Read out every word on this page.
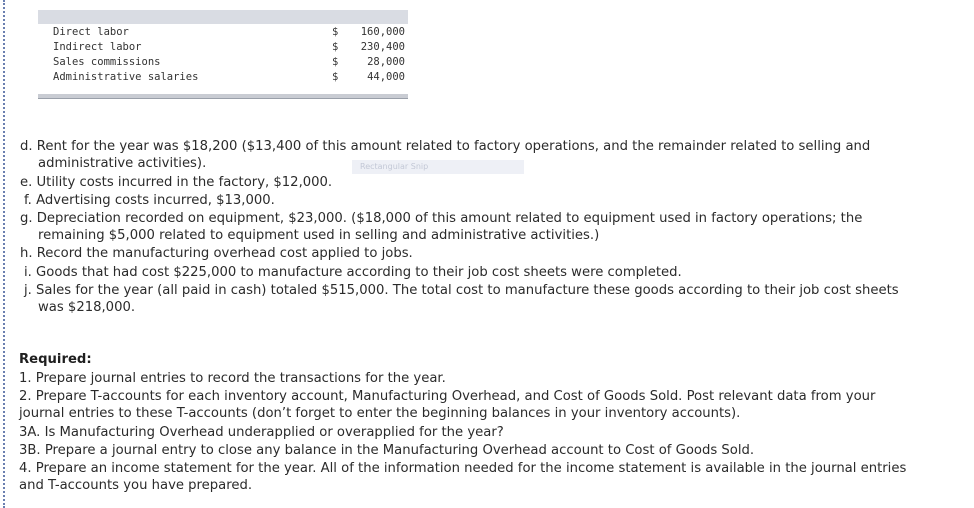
Direct labor	$ 160,000
Indirect labor	$ 230,400
Sales commissions	$	28,000
Administrative salaries	$	44,000
Rectangular Snip
d. Rent for the year was $18,200 ($13,400 of this amount related to factory operations, and the remainder related to selling and
administrative activities).
e. Utility costs incurred in the factory, $12,000.
f. Advertising costs incurred, $13,000.
g. Depreciation recorded on equipment, $23,000. ($18,000 of this amount related to equipment used in factory operations; the
remaining $5,000 related to equipment used in selling and administrative activities.)
h. Record the manufacturing overhead cost applied to jobs.
i. Goods that had cost $225,000 to manufacture according to their job cost sheets were completed.
j. Sales for the year (all paid in cash) totaled $515,000. The total cost to manufacture these goods according to their job cost sheets
was $218,000.
Required:
1. Prepare journal entries to record the transactions for the year.
2. Prepare T-accounts for each inventory account, Manufacturing Overhead, and Cost of Goods Sold. Post relevant data from your
journal entries to these T-accounts (don’t forget to enter the beginning balances in your inventory accounts).
3A. Is Manufacturing Overhead underapplied or overapplied for the year?
3B. Prepare a journal entry to close any balance in the Manufacturing Overhead account to Cost of Goods Sold.
4. Prepare an income statement for the year. All of the information needed for the income statement is available in the journal entries
and T-accounts you have prepared.
